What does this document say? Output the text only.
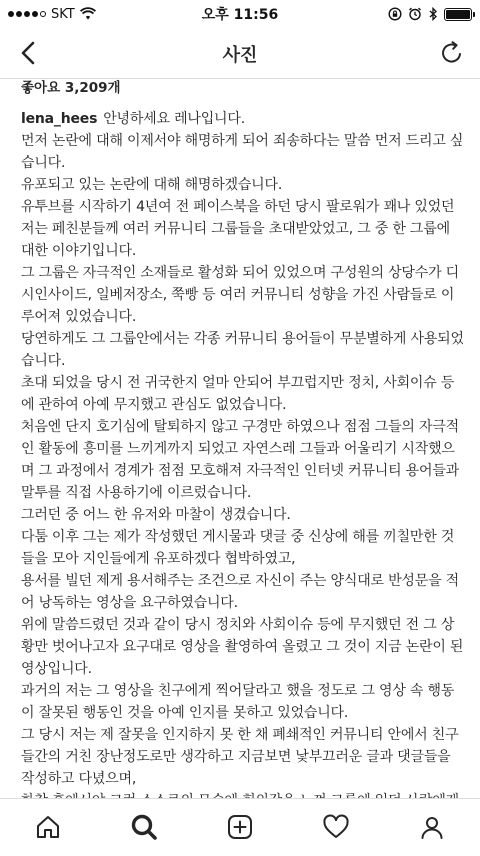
SKT	오후 11:56
사진
좋아요 3,209개

lena_hees 안녕하세요 레나입니다.
먼저 논란에 대해 이제서야 해명하게 되어 죄송하다는 말씀 먼저 드리고 싶습니다.

유포되고 있는 논란에 대해 해명하겠습니다.

유투브를 시작하기 4년여 전 페이스북을 하던 당시 팔로워가 꽤나 있었던 저는 페친분들께 여러 커뮤니티 그룹들을 초대받았었고, 그 중 한 그룹에 대한 이야기입니다.

그 그룹은 자극적인 소재들로 활성화 되어 있었으며 구성원의 상당수가 디시인사이드, 일베저장소, 쭉빵 등 여러 커뮤니티 성향을 가진 사람들로 이루어져 있었습니다.

당연하게도 그 그룹안에서는 각종 커뮤니티 용어들이 무분별하게 사용되었습니다.

초대 되었을 당시 전 귀국한지 얼마 안되어 부끄럽지만 정치, 사회이슈 등에 관하여 아예 무지했고 관심도 없었습니다.

처음엔 단지 호기심에 탈퇴하지 않고 구경만 하였으나 점점 그들의 자극적인 활동에 흥미를 느끼게까지 되었고 자연스레 그들과 어울리기 시작했으며 그 과정에서 경계가 점점 모호해져 자극적인 인터넷 커뮤니티 용어들과 말투를 직접 사용하기에 이르렀습니다.

그러던 중 어느 한 유저와 마찰이 생겼습니다.

다툼 이후 그는 제가 작성했던 게시물과 댓글 중 신상에 해를 끼칠만한 것들을 모아 지인들에게 유포하겠다 협박하였고,

용서를 빌던 제게 용서해주는 조건으로 자신이 주는 양식대로 반성문을 적어 낭독하는 영상을 요구하였습니다.

위에 말씀드렸던 것과 같이 당시 정치와 사회이슈 등에 무지했던 전 그 상황만 벗어나고자 요구대로 영상을 촬영하여 올렸고 그 것이 지금 논란이 된 영상입니다.

과거의 저는 그 영상을 친구에게 찍어달라고 했을 정도로 그 영상 속 행동이 잘못된 행동인 것을 아예 인지를 못하고 있었습니다.

그 당시 저는 제 잘못을 인지하지 못 한 채 폐쇄적인 커뮤니티 안에서 친구들간의 거친 장난정도로만 생각하고 지금보면 낯부끄러운 글과 댓글들을 작성하고 다녔으며,
